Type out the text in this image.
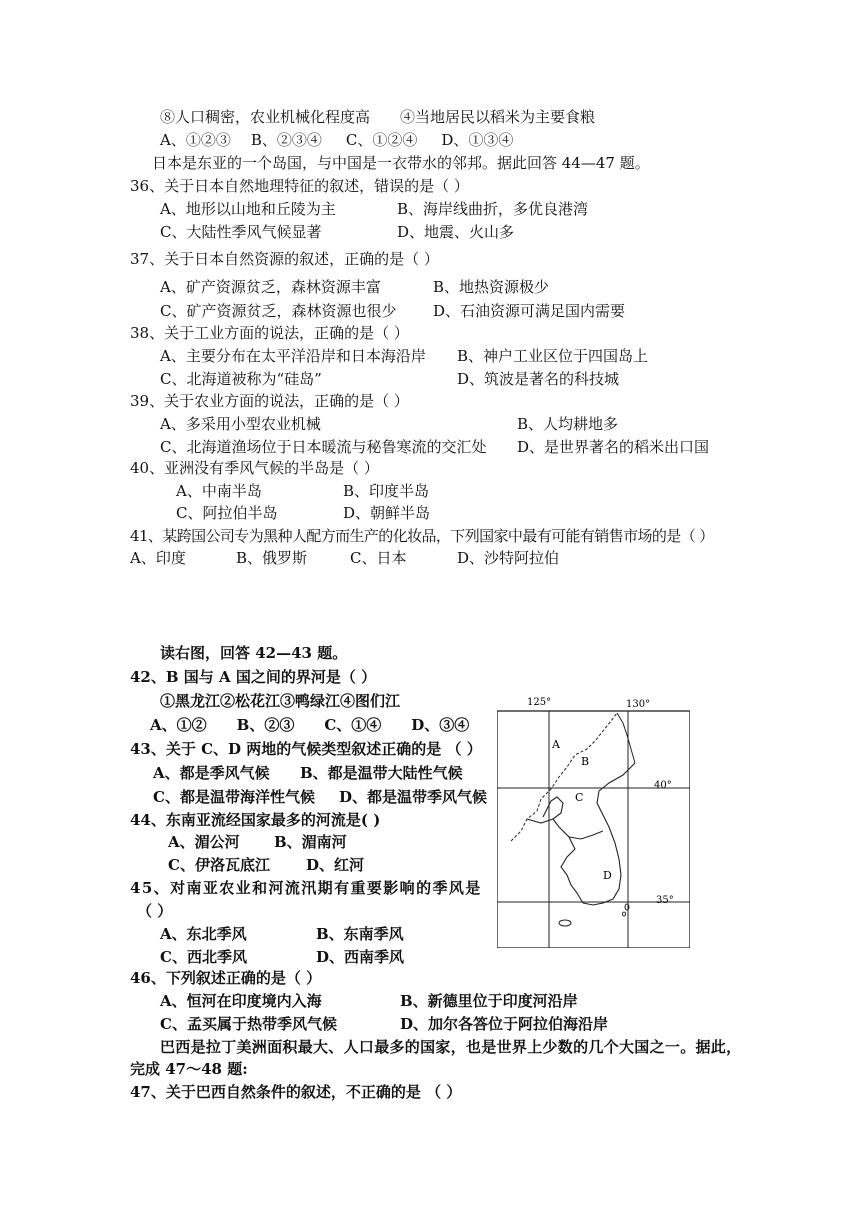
⑧人口稠密，农业机械化程度高 ④当地居民以稻米为主要食粮
A、①②③ B、②③④ C、①②④ D、①③④
日本是东亚的一个岛国，与中国是一衣带水的邻邦。据此回答 44—47 题。
36、关于日本自然地理特征的叙述，错误的是（ ）
A、地形以山地和丘陵为主	B、海岸线曲折，多优良港湾
C、大陆性季风气候显著	D、地震、火山多
37、关于日本自然资源的叙述，正确的是（ ）
A、矿产资源贫乏，森林资源丰富	B、地热资源极少
C、矿产资源贫乏，森林资源也很少 D、石油资源可满足国内需要
38、关于工业方面的说法，正确的是（ ）
A、主要分布在太平洋沿岸和日本海沿岸 B、神户工业区位于四国岛上
C、北海道被称为“硅岛”	D、筑波是著名的科技城
39、关于农业方面的说法，正确的是（ ）
A、多采用小型农业机械	B、人均耕地多
C、北海道渔场位于日本暖流与秘鲁寒流的交汇处 D、是世界著名的稻米出口国
40、亚洲没有季风气候的半岛是（ ）
A、中南半岛	B、印度半岛
C、阿拉伯半岛	D、朝鲜半岛
41、某跨国公司专为黑种人配方而生产的化妆品，下列国家中最有可能有销售市场的是（ ）
A、印度	B、俄罗斯	C、日本	D、沙特阿拉伯
读右图，回答 42—43 题。
42、B 国与 A 国之间的界河是（ ）
①黑龙江②松花江③鸭绿江④图们江
A、①② B、②③ C、①④ D、③④
43、关于 C、D 两地的气候类型叙述正确的是 （ ）
A、都是季风气候 B、都是温带大陆性气候
C、都是温带海洋性气候 D、都是温带季风气候
44、东南亚流经国家最多的河流是( )
A、湄公河 B、湄南河
C、伊洛瓦底江 D、红河
45、对南亚农业和河流汛期有重要影响的季风是
（ ）
A、东北季风	B、东南季风
C、西北季风	D、西南季风
46、下列叙述正确的是（ ）
A、恒河在印度境内入海	B、新德里位于印度河沿岸
C、孟买属于热带季风气候	D、加尔各答位于阿拉伯海沿岸
巴西是拉丁美洲面积最大、人口最多的国家，也是世界上少数的几个大国之一。据此，
完成 47～48 题:
47、关于巴西自然条件的叙述，不正确的是 （ ）
125°	130°
40°
35°
A
B
C
D
